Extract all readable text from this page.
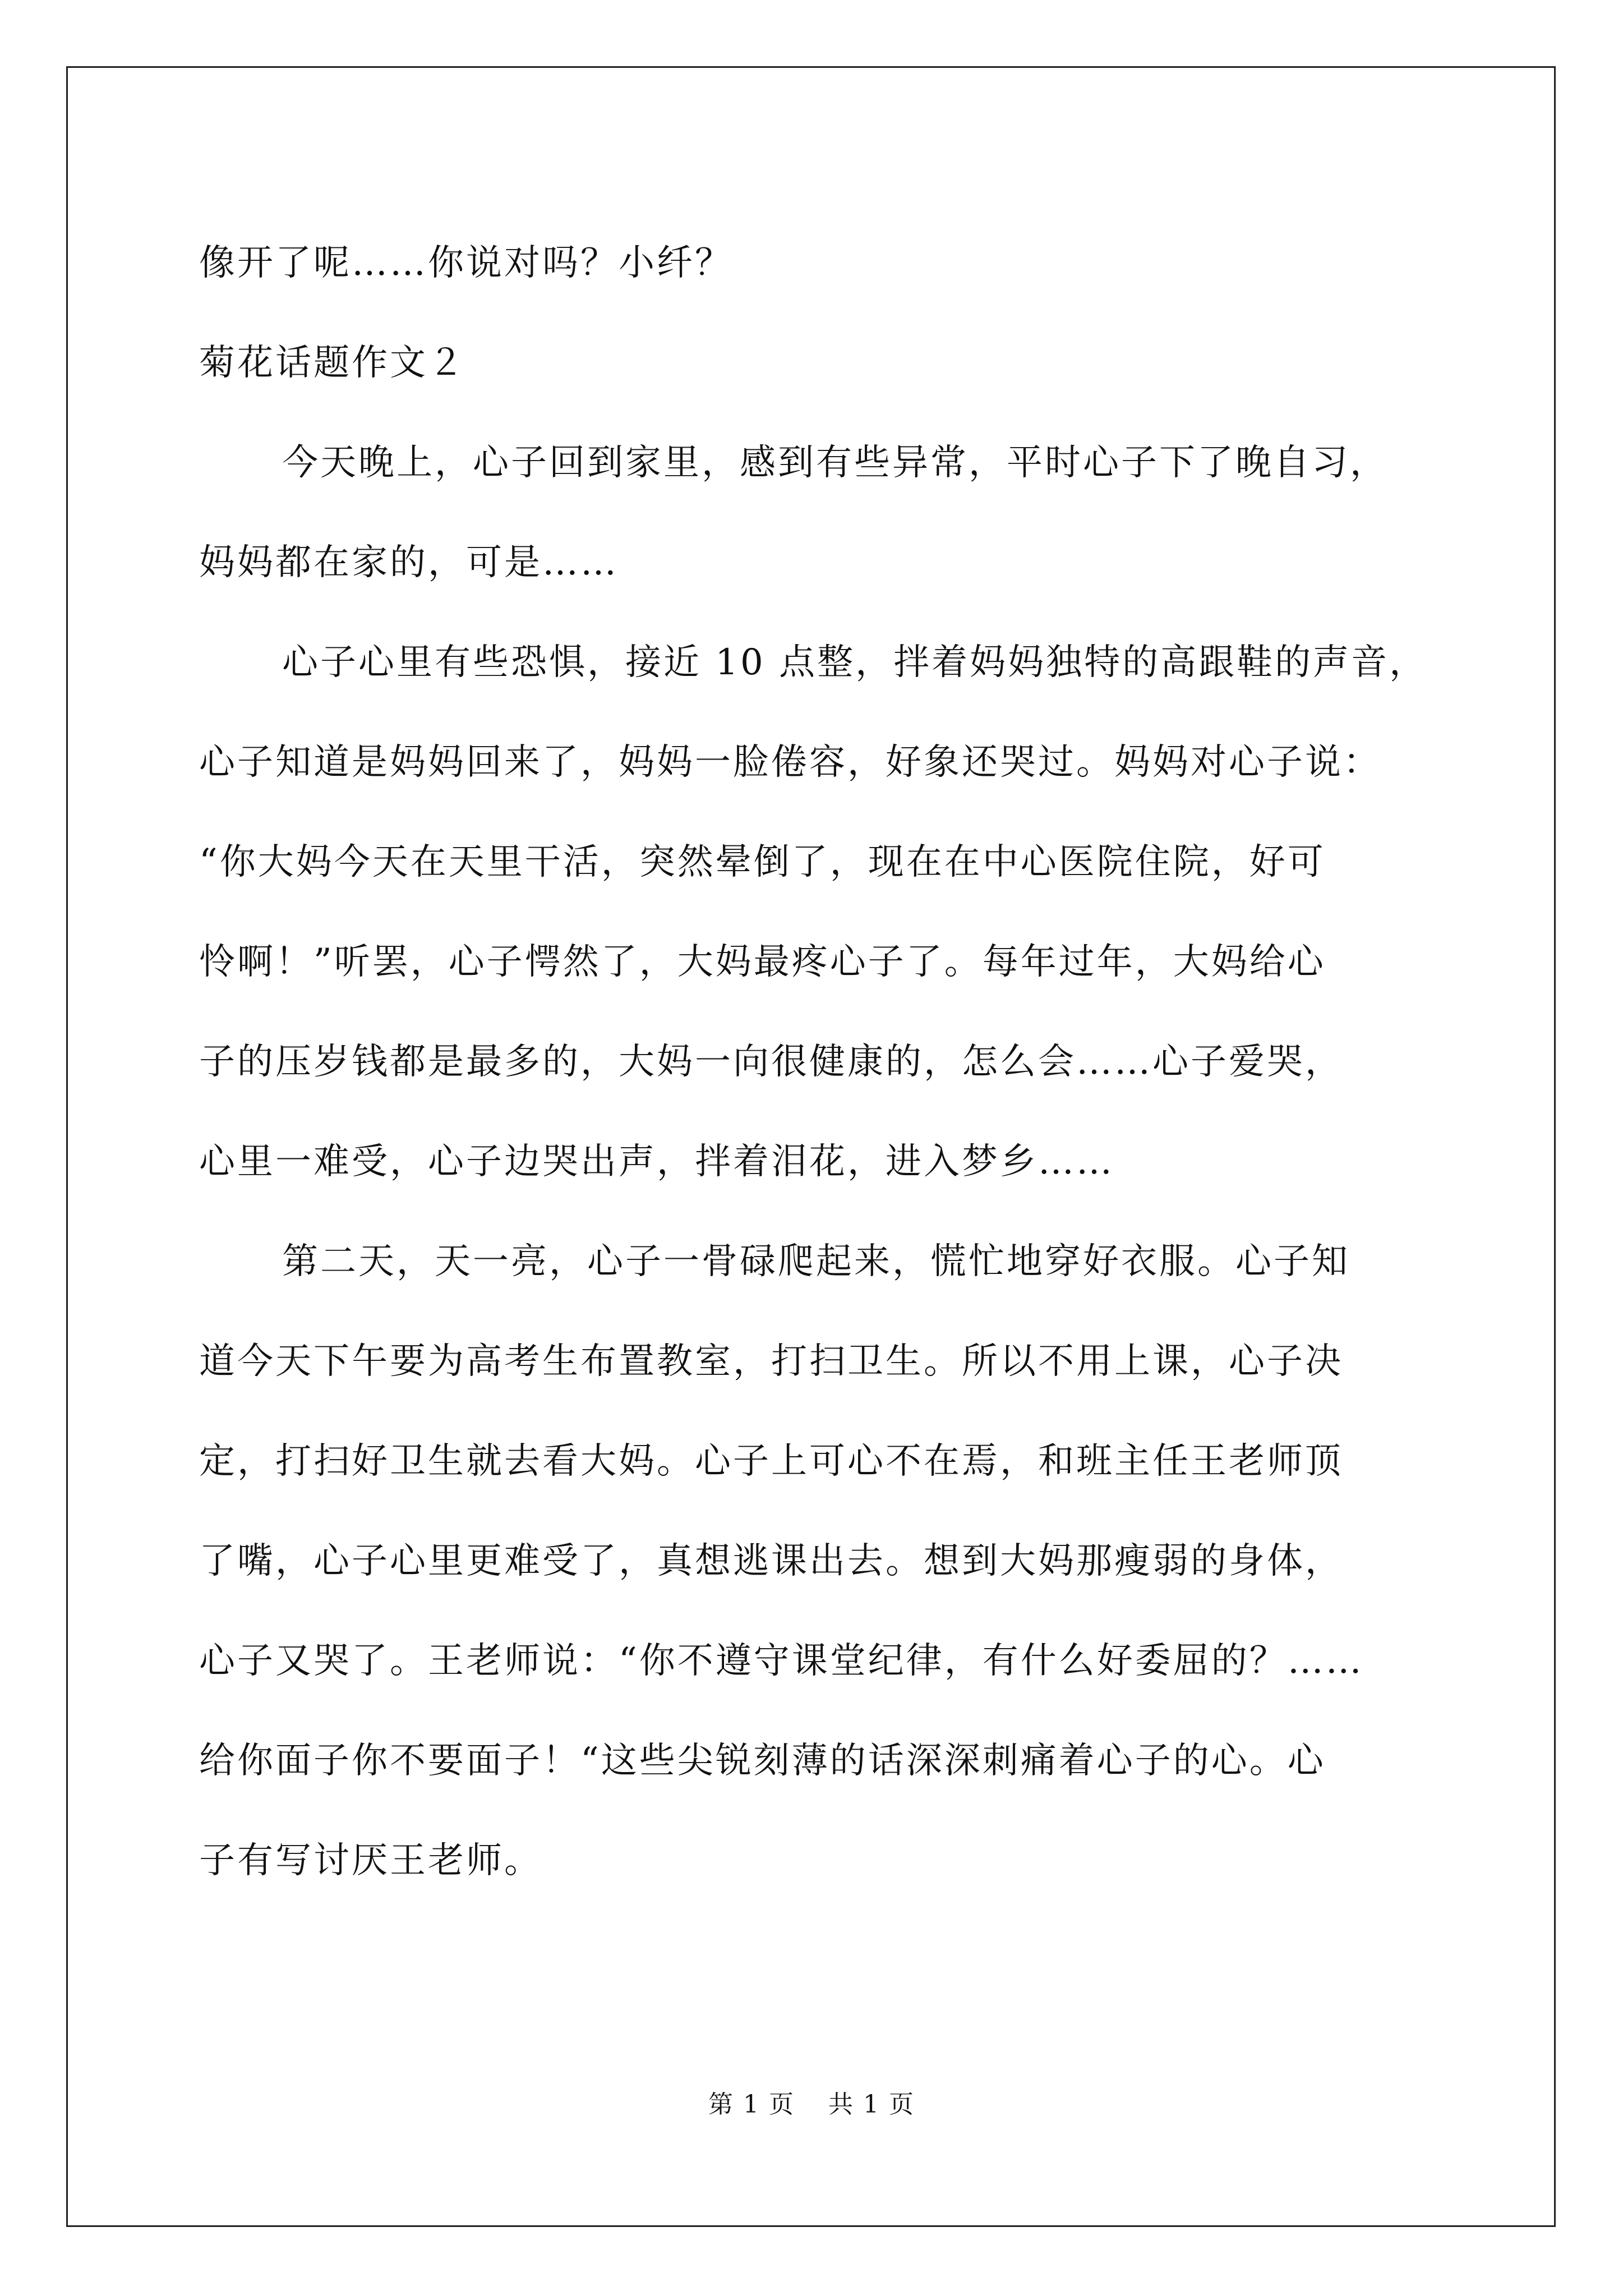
像开了呢……你说对吗？小纤？
菊花话题作文２
今天晚上，心子回到家里，感到有些异常，平时心子下了晚自习，
妈妈都在家的，可是……
心子心里有些恐惧，接近 10 点整，拌着妈妈独特的高跟鞋的声音，
心子知道是妈妈回来了，妈妈一脸倦容，好象还哭过。妈妈对心子说：
“你大妈今天在天里干活，突然晕倒了，现在在中心医院住院，好可
怜啊！”听罢，心子愕然了，大妈最疼心子了。每年过年，大妈给心
子的压岁钱都是最多的，大妈一向很健康的，怎么会……心子爱哭，
心里一难受，心子边哭出声，拌着泪花，进入梦乡……
第二天，天一亮，心子一骨碌爬起来，慌忙地穿好衣服。心子知
道今天下午要为高考生布置教室，打扫卫生。所以不用上课，心子决
定，打扫好卫生就去看大妈。心子上可心不在焉，和班主任王老师顶
了嘴，心子心里更难受了，真想逃课出去。想到大妈那瘦弱的身体，
心子又哭了。王老师说：“你不遵守课堂纪律，有什么好委屈的？……
给你面子你不要面子！“这些尖锐刻薄的话深深刺痛着心子的心。心
子有写讨厌王老师。
第 1 页 共 1 页
